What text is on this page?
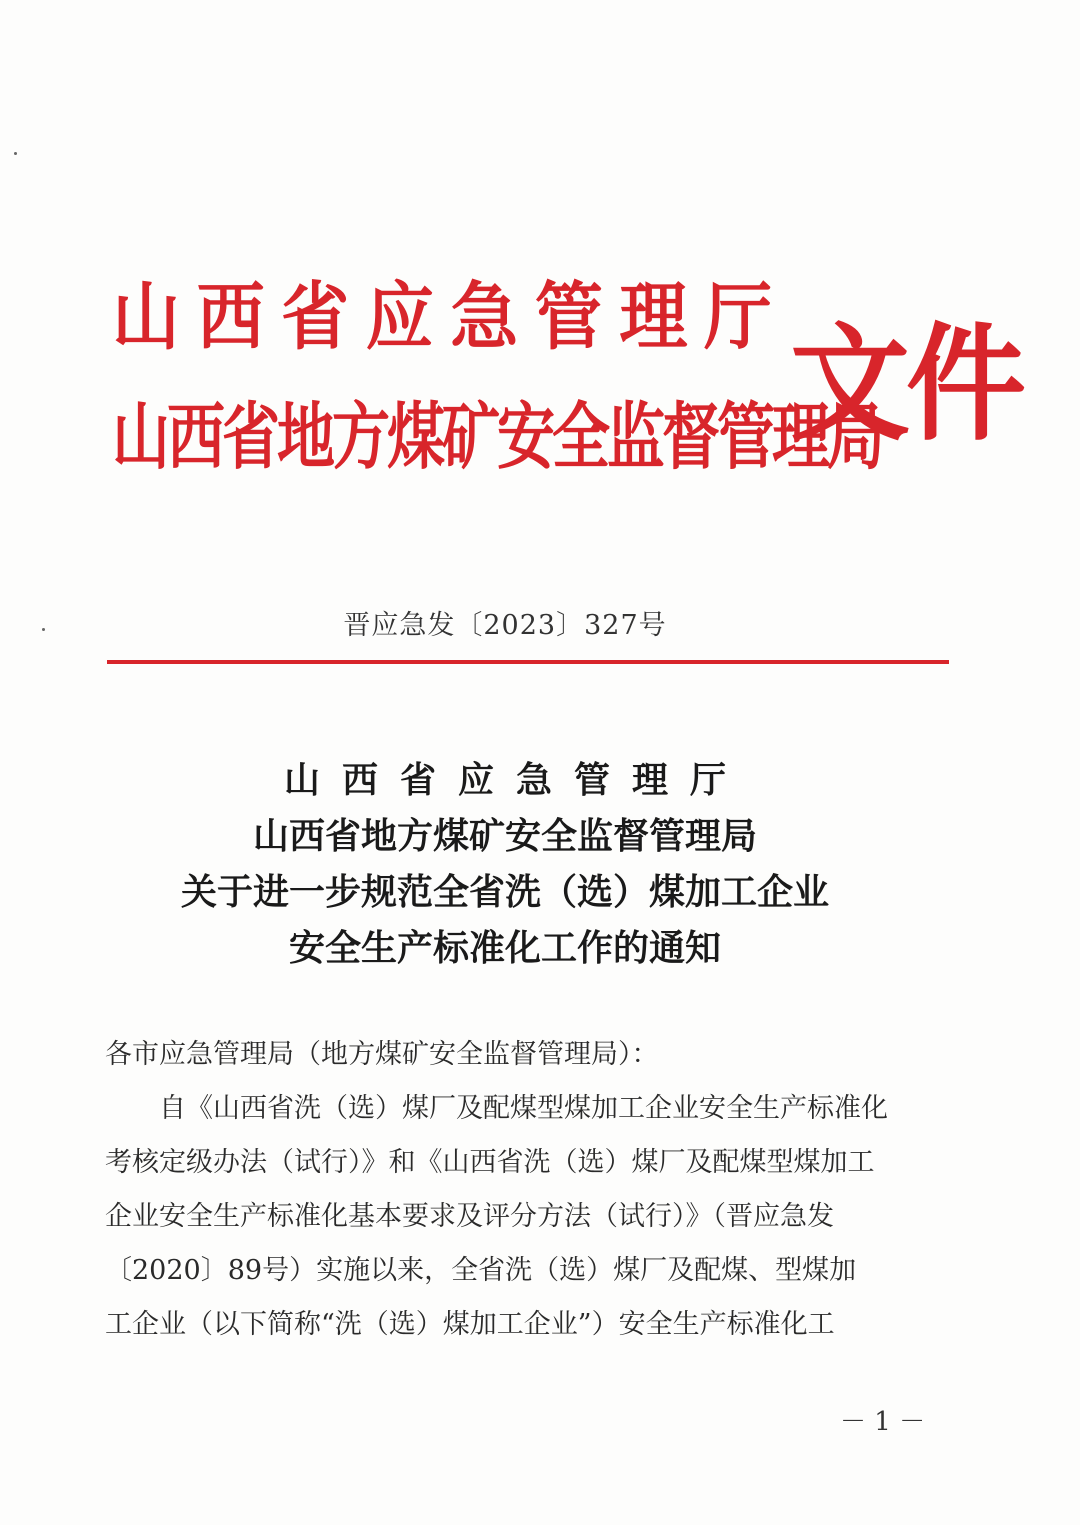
山 西 省 应 急 管 理 厅
山西省地方煤矿安全监督管理局
文件
晋应急发〔2023〕327号
山西省应急管理厅
山西省地方煤矿安全监督管理局
关于进一步规范全省洗（选）煤加工企业
安全生产标准化工作的通知

各市应急管理局（地方煤矿安全监督管理局）：

自《山西省洗（选）煤厂及配煤型煤加工企业安全生产标准化

考核定级办法（试行）》和《山西省洗（选）煤厂及配煤型煤加工

企业安全生产标准化基本要求及评分方法（试行）》（晋应急发

〔2020〕89号）实施以来，全省洗（选）煤厂及配煤、型煤加

工企业（以下简称“洗（选）煤加工企业”）安全生产标准化工

－ 1 －
